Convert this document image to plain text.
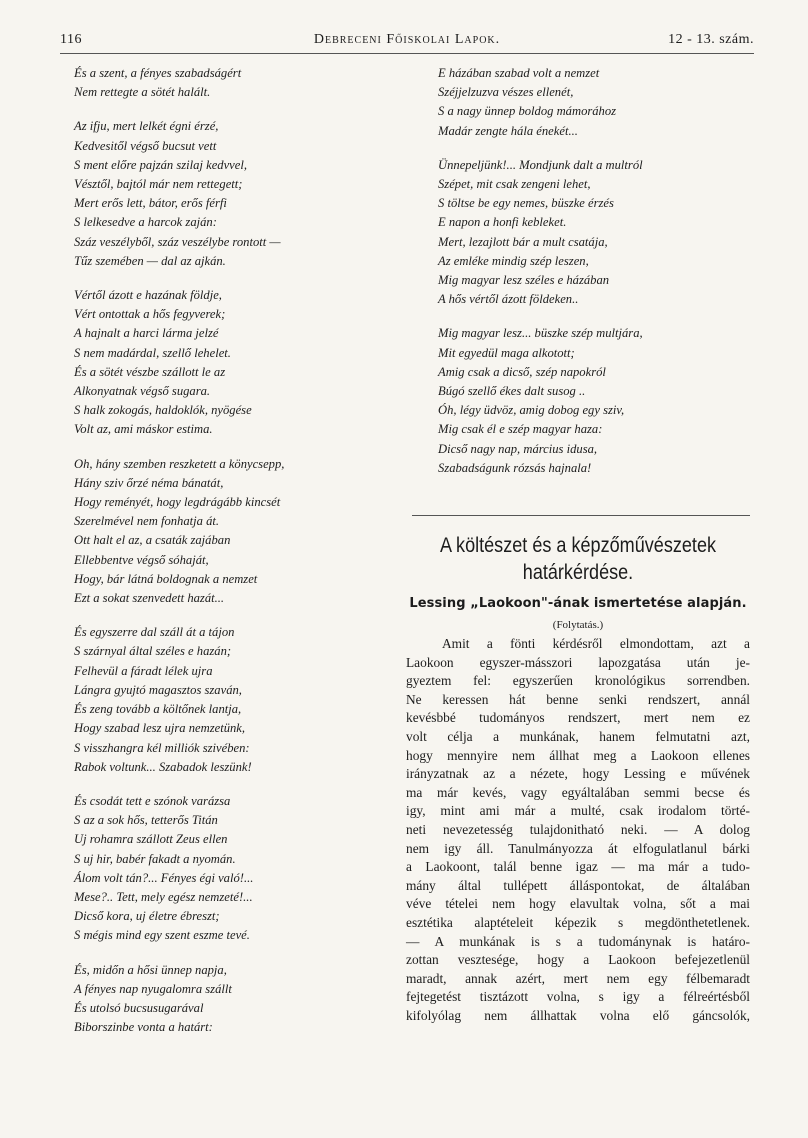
116	Debreceni Főiskolai Lapok.	12 - 13. szám.
És a szent, a fényes szabadságért
Nem rettegte a sötét halált.
Az ifju, mert lelkét égni érzé,
Kedvesitől végső bucsut vett
S ment előre pajzán szilaj kedvvel,
Vésztől, bajtól már nem rettegett;
Mert erős lett, bátor, erős férfi
S lelkesedve a harcok zaján:
Száz veszélyből, száz veszélybe rontott —
Tűz szemében — dal az ajkán.
Vértől ázott e hazának földje,
Vért ontottak a hős fegyverek;
A hajnalt a harci lárma jelzé
S nem madárdal, szellő lehelet.
És a sötét vészbe szállott le az
Alkonyatnak végső sugara.
S halk zokogás, haldoklók, nyögése
Volt az, ami máskor estima.
Oh, hány szemben reszketett a könycsepp,
Hány sziv őrzé néma bánatát,
Hogy reményét, hogy legdrágább kincsét
Szerelmével nem fonhatja át.
Ott halt el az, a csaták zajában
Ellebbentve végső sóhaját,
Hogy, bár látná boldognak a nemzet
Ezt a sokat szenvedett hazát...
És egyszerre dal száll át a tájon
S szárnyal által széles e hazán;
Felhevül a fáradt lélek ujra
Lángra gyujtó magasztos szaván,
És zeng tovább a költőnek lantja,
Hogy szabad lesz ujra nemzetünk,
S visszhangra kél milliók szivében:
Rabok voltunk... Szabadok leszünk!
És csodát tett e szónok varázsa
S az a sok hős, tetterős Titán
Uj rohamra szállott Zeus ellen
S uj hir, babér fakadt a nyomán.
Álom volt tán?... Fényes égi való!...
Mese?.. Tett, mely egész nemzeté!...
Dicső kora, uj életre ébreszt;
S mégis mind egy szent eszme tevé.
És, midőn a hősi ünnep napja,
A fényes nap nyugalomra szállt
És utolsó bucsusugarával
Biborszinbe vonta a határt:
E házában szabad volt a nemzet
Széjjelzuzva vészes ellenét,
S a nagy ünnep boldog mámorához
Madár zengte hála énekét...
Ünnepeljünk!... Mondjunk dalt a multról
Szépet, mit csak zengeni lehet,
S töltse be egy nemes, büszke érzés
E napon a honfi kebleket.
Mert, lezajlott bár a mult csatája,
Az emléke mindig szép leszen,
Mig magyar lesz széles e házában
A hős vértől ázott földeken..
Mig magyar lesz... büszke szép multjára,
Mit egyedül maga alkotott;
Amig csak a dicső, szép napokról
Búgó szellő ékes dalt susog ..
Óh, légy üdvöz, amig dobog egy sziv,
Mig csak él e szép magyar haza:
Dicső nagy nap, március idusa,
Szabadságunk rózsás hajnala!
A költészet és a képzőművészetek
határkérdése.
Lessing „Laokoon"-ának ismertetése alapján.
(Folytatás.)
Amit a fönti kérdésről elmondottam, azt a
Laokoon egyszer-másszori lapozgatása után je-
gyeztem fel: egyszerűen kronológikus sorrendben.
Ne keressen hát benne senki rendszert, annál
kevésbbé tudományos rendszert, mert nem ez
volt célja a munkának, hanem felmutatni azt,
hogy mennyire nem állhat meg a Laokoon ellenes
irányzatnak az a nézete, hogy Lessing e művének
ma már kevés, vagy egyáltalában semmi becse és
igy, mint ami már a multé, csak irodalom törté-
neti nevezetesség tulajdonitható neki. — A dolog
nem igy áll. Tanulmányozza át elfogulatlanul bárki
a Laokoont, talál benne igaz — ma már a tudo-
mány által tullépett álláspontokat, de általában
véve tételei nem hogy elavultak volna, sőt a mai
esztétika alaptételeit képezik s megdönthetetlenek.
— A munkának is s a tudománynak is határo-
zottan vesztesége, hogy a Laokoon befejezetlenül
maradt, annak azért, mert nem egy félbemaradt
fejtegetést tisztázott volna, s igy a félreértésből
kifolyólag nem állhattak volna elő gáncsolók,
